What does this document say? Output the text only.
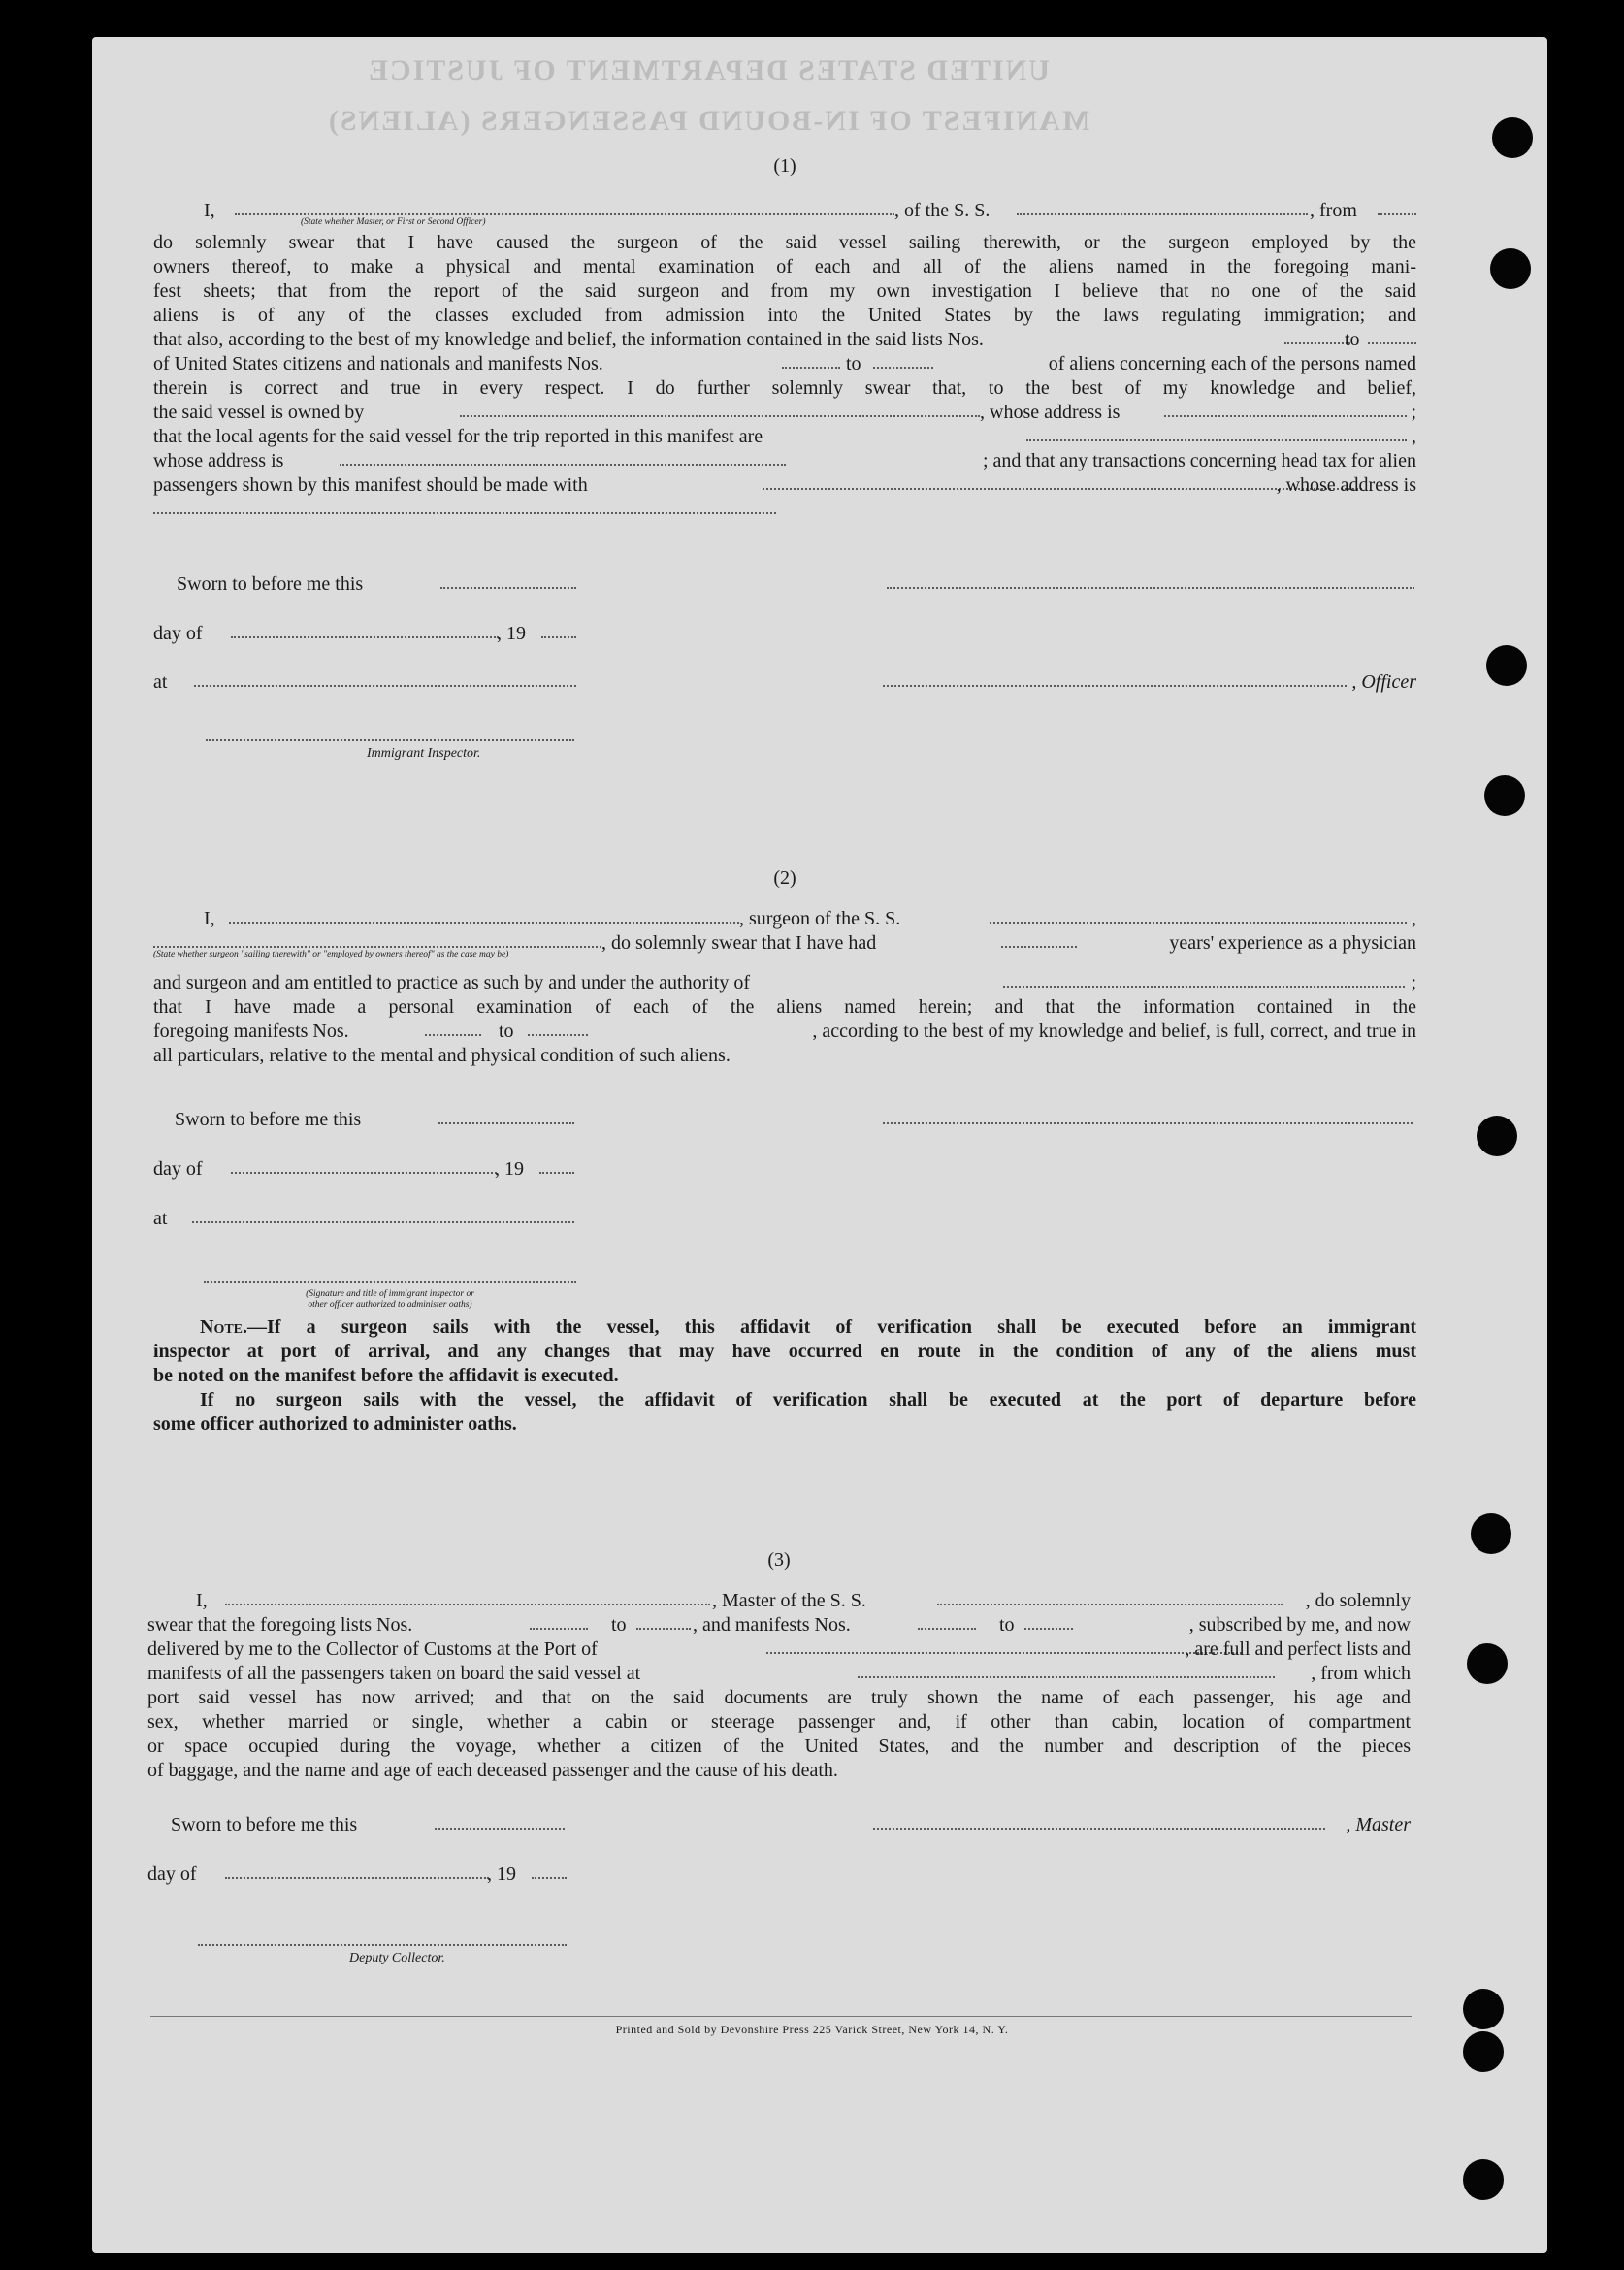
(1)
I,	, of the S. S.	, from
(State whether Master, or First or Second Officer)
do solemnly swear that I have caused the surgeon of the said vessel sailing therewith, or the surgeon employed by the
owners thereof, to make a physical and mental examination of each and all of the aliens named in the foregoing mani-
fest sheets; that from the report of the said surgeon and from my own investigation I believe that no one of the said
aliens is of any of the classes excluded from admission into the United States by the laws regulating immigration; and
that also, according to the best of my knowledge and belief, the information contained in the said lists Nos.	to
of United States citizens and nationals and manifests Nos.	to	of aliens concerning each of the persons named
therein is correct and true in every respect. I do further solemnly swear that, to the best of my knowledge and belief,
the said vessel is owned by	, whose address is	;
that the local agents for the said vessel for the trip reported in this manifest are	,
whose address is	; and that any transactions concerning head tax for alien
passengers shown by this manifest should be made with	, whose address is
Sworn to before me this
day of	, 19
at	, Officer
Immigrant Inspector.
(2)
I,	, surgeon of the S. S.	,
, do solemnly swear that I have had	years' experience as a physician
(State whether surgeon "sailing therewith" or "employed by owners thereof" as the case may be)
and surgeon and am entitled to practice as such by and under the authority of	;
that I have made a personal examination of each of the aliens named herein; and that the information contained in the
foregoing manifests Nos.	to	, according to the best of my knowledge and belief, is full, correct, and true in
all particulars, relative to the mental and physical condition of such aliens.
Sworn to before me this
day of	, 19
at
(Signature and title of immigrant inspector or
other officer authorized to administer oaths)
Note.—If a surgeon sails with the vessel, this affidavit of verification shall be executed before an immigrant
inspector at port of arrival, and any changes that may have occurred en route in the condition of any of the aliens must
be noted on the manifest before the affidavit is executed.
If no surgeon sails with the vessel, the affidavit of verification shall be executed at the port of departure before
some officer authorized to administer oaths.
(3)
I,	, Master of the S. S.	, do solemnly
swear that the foregoing lists Nos.	to	, and manifests Nos.	to	, subscribed by me, and now
delivered by me to the Collector of Customs at the Port of	, are full and perfect lists and
manifests of all the passengers taken on board the said vessel at	, from which
port said vessel has now arrived; and that on the said documents are truly shown the name of each passenger, his age and
sex, whether married or single, whether a cabin or steerage passenger and, if other than cabin, location of compartment
or space occupied during the voyage, whether a citizen of the United States, and the number and description of the pieces
of baggage, and the name and age of each deceased passenger and the cause of his death.
Sworn to before me this	, Master
day of	, 19
Deputy Collector.
Printed and Sold by Devonshire Press 225 Varick Street, New York 14, N. Y.
